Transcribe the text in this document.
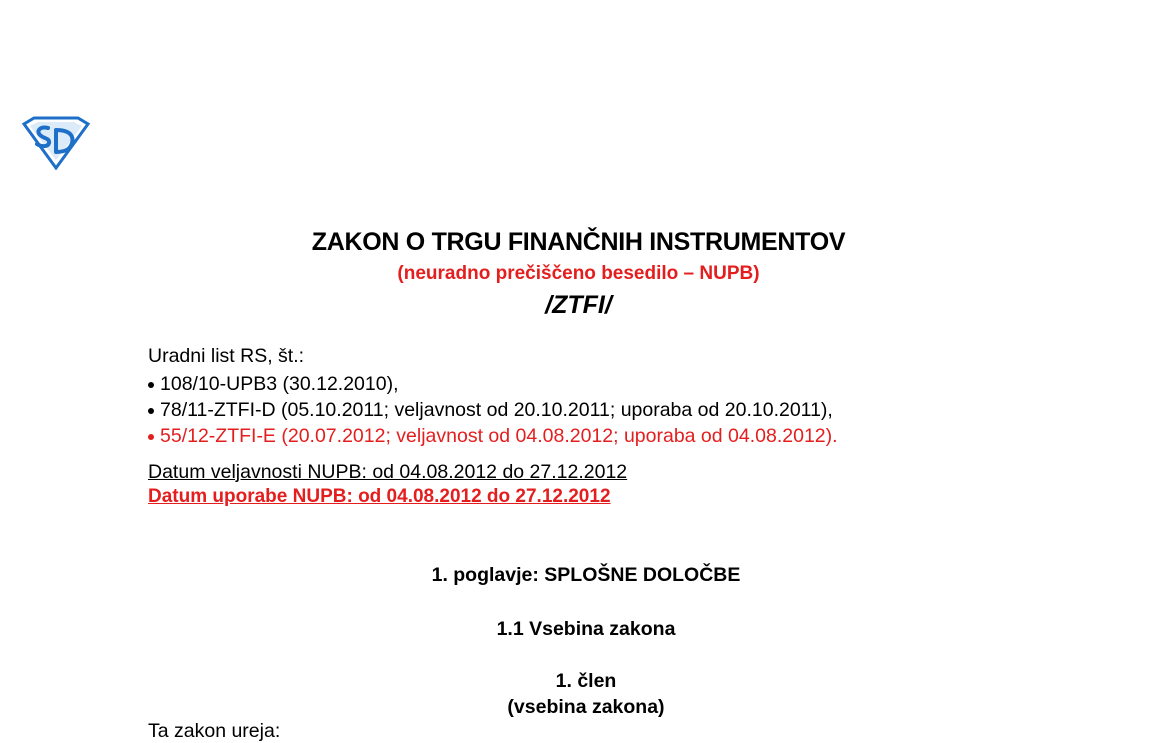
ZAKON O TRGU FINANČNIH INSTRUMENTOV
(neuradno prečiščeno besedilo – NUPB)
/ZTFI/
Uradni list RS, št.:
108/10-UPB3 (30.12.2010),
78/11-ZTFI-D (05.10.2011; veljavnost od 20.10.2011; uporaba od 20.10.2011),
55/12-ZTFI-E (20.07.2012; veljavnost od 04.08.2012; uporaba od 04.08.2012).
Datum veljavnosti NUPB: od 04.08.2012 do 27.12.2012
Datum uporabe NUPB: od 04.08.2012 do 27.12.2012
1. poglavje: SPLOŠNE DOLOČBE
1.1 Vsebina zakona
1. člen
(vsebina zakona)
Ta zakon ureja:
